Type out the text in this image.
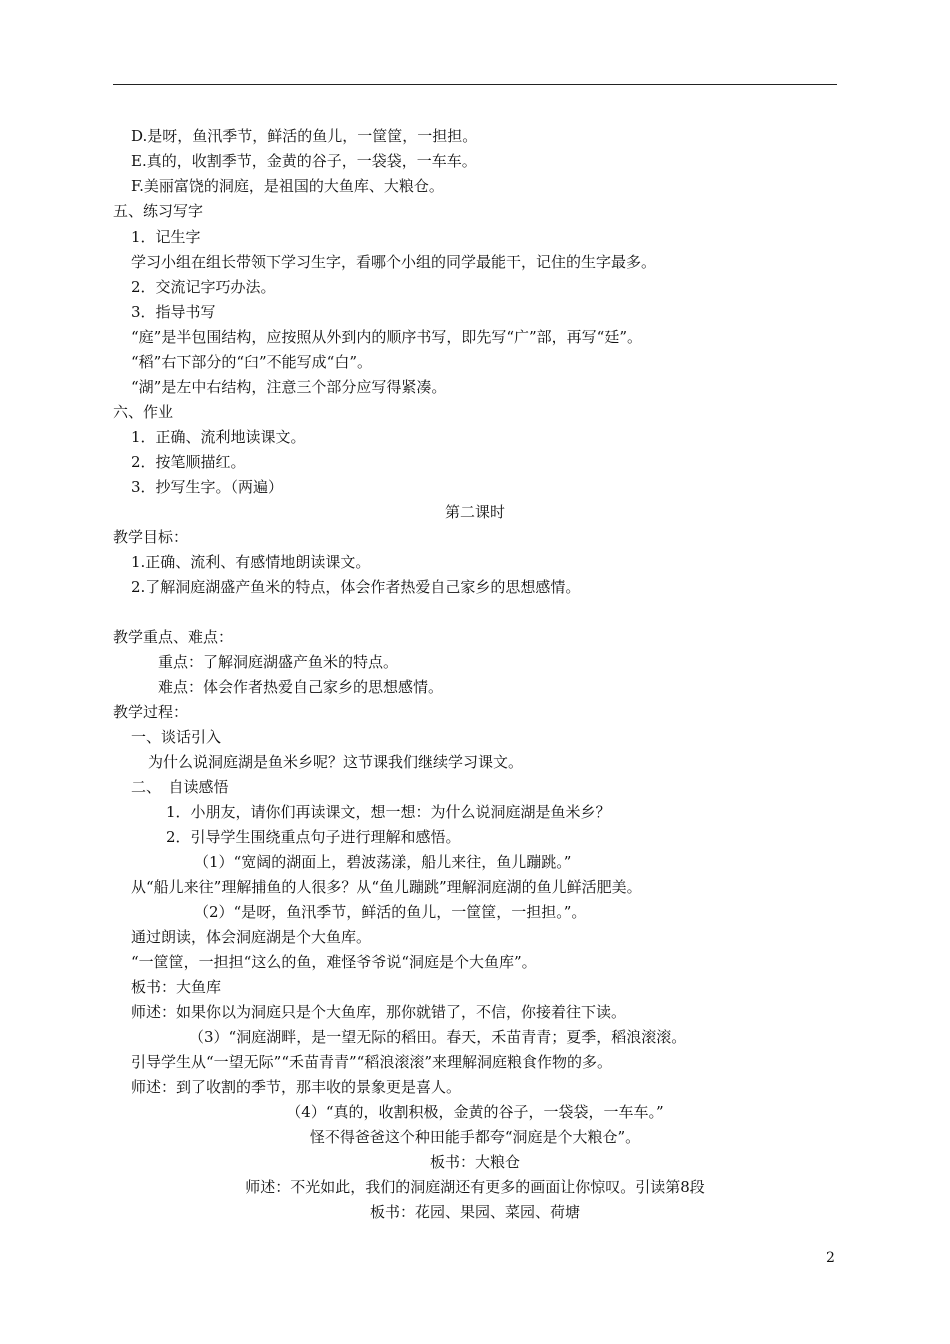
D.是呀，鱼汛季节，鲜活的鱼儿，一筐筐，一担担。
E.真的，收割季节，金黄的谷子，一袋袋，一车车。
F.美丽富饶的洞庭，是祖国的大鱼库、大粮仓。
五、练习写字
1．记生字
学习小组在组长带领下学习生字，看哪个小组的同学最能干，记住的生字最多。
2．交流记字巧办法。
3．指导书写
“庭”是半包围结构，应按照从外到内的顺序书写，即先写“广”部，再写“廷”。
“稻”右下部分的“臼”不能写成“白”。
“湖”是左中右结构，注意三个部分应写得紧凑。
六、作业
1．正确、流利地读课文。
2．按笔顺描红。
3．抄写生字。（两遍）
第二课时
教学目标：
1.正确、流利、有感情地朗读课文。
2.了解洞庭湖盛产鱼米的特点，体会作者热爱自己家乡的思想感情。
教学重点、难点：
重点：了解洞庭湖盛产鱼米的特点。
难点：体会作者热爱自己家乡的思想感情。
教学过程：
一、谈话引入
为什么说洞庭湖是鱼米乡呢？这节课我们继续学习课文。
二、　自读感悟
1．小朋友，请你们再读课文，想一想：为什么说洞庭湖是鱼米乡？
2．引导学生围绕重点句子进行理解和感悟。
（1）“宽阔的湖面上，碧波荡漾，船儿来往，鱼儿蹦跳。”
从“船儿来往”理解捕鱼的人很多？从“鱼儿蹦跳”理解洞庭湖的鱼儿鲜活肥美。
（2）“是呀，鱼汛季节，鲜活的鱼儿，一筐筐，一担担。”。
通过朗读，体会洞庭湖是个大鱼库。
“一筐筐，一担担“这么的鱼，难怪爷爷说“洞庭是个大鱼库”。
板书：大鱼库
师述：如果你以为洞庭只是个大鱼库，那你就错了，不信，你接着往下读。
（3）“洞庭湖畔，是一望无际的稻田。春天，禾苗青青；夏季，稻浪滚滚。
引导学生从“一望无际”“禾苗青青”“稻浪滚滚”来理解洞庭粮食作物的多。
师述：到了收割的季节，那丰收的景象更是喜人。
（4）“真的，收割积极，金黄的谷子，一袋袋，一车车。”
怪不得爸爸这个种田能手都夸“洞庭是个大粮仓”。
板书：大粮仓
师述：不光如此，我们的洞庭湖还有更多的画面让你惊叹。引读第8段
板书：花园、果园、菜园、荷塘
2
